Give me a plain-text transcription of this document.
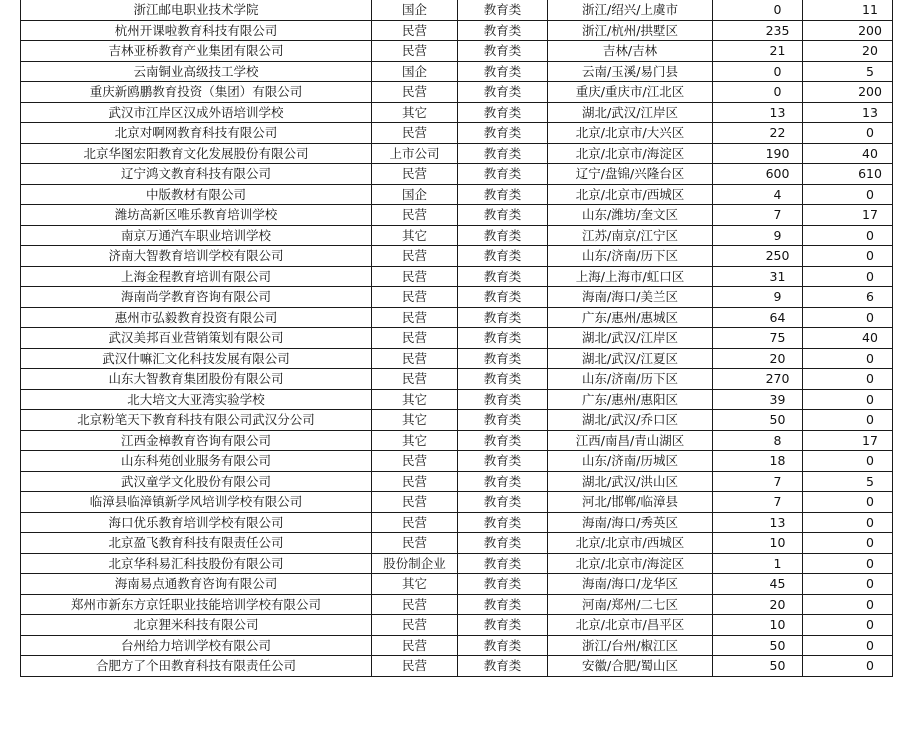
浙江邮电职业技术学院	国企	教育类	浙江/绍兴/上虞市	0	11
杭州开课啦教育科技有限公司	民营	教育类	浙江/杭州/拱墅区	235	200
吉林亚桥教育产业集团有限公司	民营	教育类	吉林/吉林	21	20
云南铜业高级技工学校	国企	教育类	云南/玉溪/易门县	0	5
重庆新鸥鹏教育投资（集团）有限公司	民营	教育类	重庆/重庆市/江北区	0	200
武汉市江岸区汉成外语培训学校	其它	教育类	湖北/武汉/江岸区	13	13
北京对啊网教育科技有限公司	民营	教育类	北京/北京市/大兴区	22	0
北京华图宏阳教育文化发展股份有限公司	上市公司	教育类	北京/北京市/海淀区	190	40
辽宁鸿文教育科技有限公司	民营	教育类	辽宁/盘锦/兴隆台区	600	610
中版教材有限公司	国企	教育类	北京/北京市/西城区	4	0
潍坊高新区唯乐教育培训学校	民营	教育类	山东/潍坊/奎文区	7	17
南京万通汽车职业培训学校	其它	教育类	江苏/南京/江宁区	9	0
济南大智教育培训学校有限公司	民营	教育类	山东/济南/历下区	250	0
上海金程教育培训有限公司	民营	教育类	上海/上海市/虹口区	31	0
海南尚学教育咨询有限公司	民营	教育类	海南/海口/美兰区	9	6
惠州市弘毅教育投资有限公司	民营	教育类	广东/惠州/惠城区	64	0
武汉美邦百业营销策划有限公司	民营	教育类	湖北/武汉/江岸区	75	40
武汉什嘛汇文化科技发展有限公司	民营	教育类	湖北/武汉/江夏区	20	0
山东大智教育集团股份有限公司	民营	教育类	山东/济南/历下区	270	0
北大培文大亚湾实验学校	其它	教育类	广东/惠州/惠阳区	39	0
北京粉笔天下教育科技有限公司武汉分公司	其它	教育类	湖北/武汉/乔口区	50	0
江西金樟教育咨询有限公司	其它	教育类	江西/南昌/青山湖区	8	17
山东科苑创业服务有限公司	民营	教育类	山东/济南/历城区	18	0
武汉童学文化股份有限公司	民营	教育类	湖北/武汉/洪山区	7	5
临漳县临漳镇新学风培训学校有限公司	民营	教育类	河北/邯郸/临漳县	7	0
海口优乐教育培训学校有限公司	民营	教育类	海南/海口/秀英区	13	0
北京盈飞教育科技有限责任公司	民营	教育类	北京/北京市/西城区	10	0
北京华科易汇科技股份有限公司	股份制企业	教育类	北京/北京市/海淀区	1	0
海南易点通教育咨询有限公司	其它	教育类	海南/海口/龙华区	45	0
郑州市新东方京饪职业技能培训学校有限公司	民营	教育类	河南/郑州/二七区	20	0
北京狸米科技有限公司	民营	教育类	北京/北京市/昌平区	10	0
台州给力培训学校有限公司	民营	教育类	浙江/台州/椒江区	50	0
合肥方了个田教育科技有限责任公司	民营	教育类	安徽/合肥/蜀山区	50	0
